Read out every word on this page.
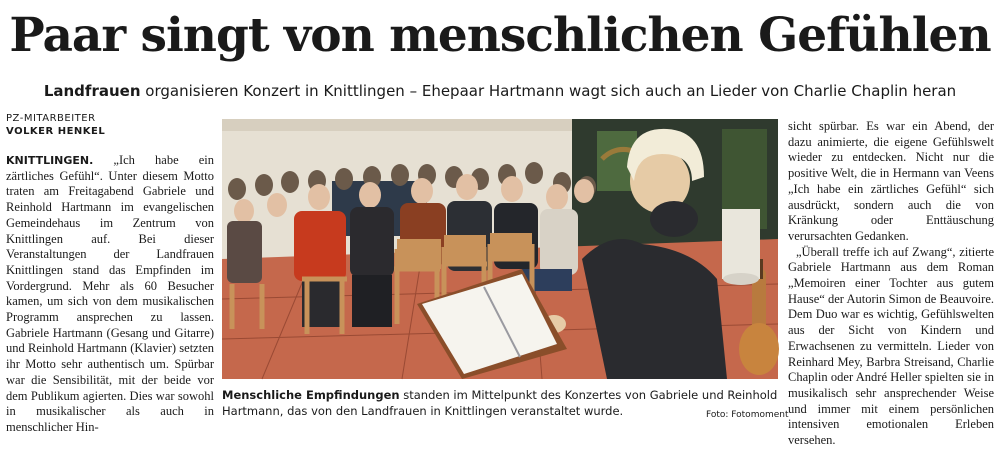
Paar singt von menschlichen Gefühlen
Landfrauen organisieren Konzert in Knittlingen – Ehepaar Hartmann wagt sich auch an Lieder von Charlie Chaplin heran
PZ-MITARBEITER
VOLKER HENKEL

KNITTLINGEN. „Ich habe ein zärtliches Gefühl“. Unter diesem Motto traten am Freitagabend Gabriele und Reinhold Hartmann im evangelischen Gemeindehaus im Zentrum von Knittlingen auf. Bei dieser Veranstaltungen der Landfrauen Knittlingen stand das Empfinden im Vordergrund. Mehr als 60 Besucher kamen, um sich von dem musikalischen Programm ansprechen zu lassen. Gabriele Hartmann (Gesang und Gitarre) und Reinhold Hartmann (Klavier) setzten ihr Motto sehr authentisch um. Spürbar war die Sensibilität, mit der beide vor dem Publikum agierten. Dies war sowohl in musikalischer als auch in menschlicher Hin-

Menschliche Empfindungen standen im Mittelpunkt des Konzertes von Gabriele und Reinhold Hartmann, das von den Landfrauen in Knittlingen veranstaltet wurde.	Foto: Fotomoment

sicht spürbar. Es war ein Abend, der dazu animierte, die eigene Gefühlswelt wieder zu entdecken. Nicht nur die positive Welt, die in Hermann van Veens „Ich habe ein zärtliches Gefühl“ sich ausdrückt, sondern auch die von Kränkung oder Enttäuschung verursachten Gedanken.

„Überall treffe ich auf Zwang“, zitierte Gabriele Hartmann aus dem Roman „Memoiren einer Tochter aus gutem Hause“ der Autorin Simon de Beauvoire. Dem Duo war es wichtig, Gefühlswelten aus der Sicht von Kindern und Erwachsenen zu vermitteln. Lieder von Reinhard Mey, Barbra Streisand, Charlie Chaplin oder André Heller spielten sie in musikalisch sehr ansprechender Weise und immer mit einem persönlichen intensiven emotionalen Erleben versehen.
